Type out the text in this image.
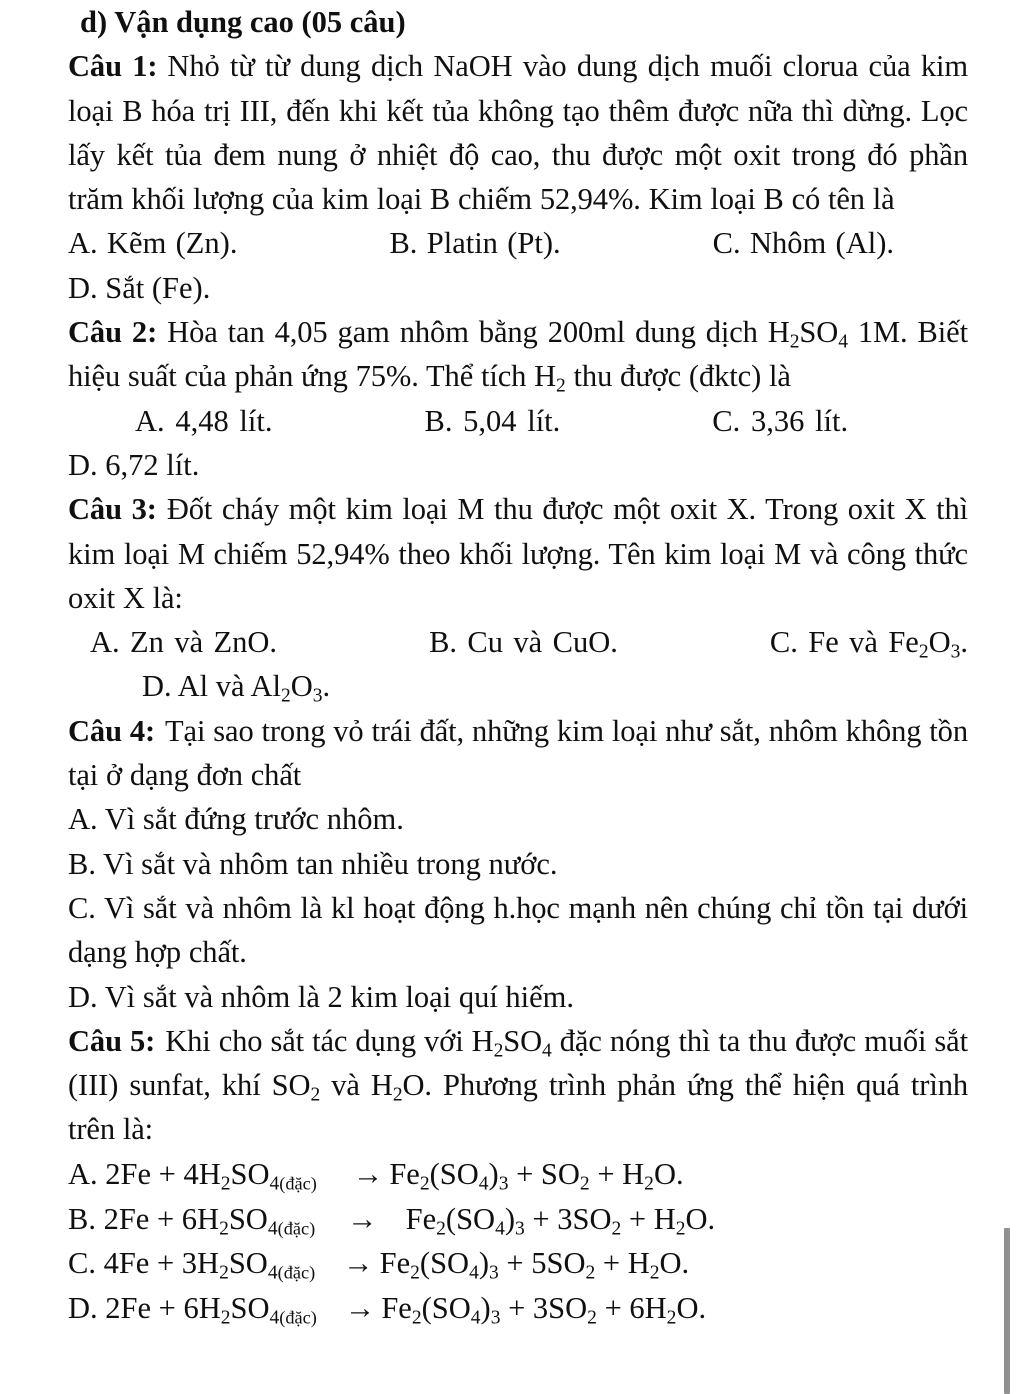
d) Vận dụng cao (05 câu)

Câu 1: Nhỏ từ từ dung dịch NaOH vào dung dịch muối clorua của kim loại B hóa trị III, đến khi kết tủa không tạo thêm được nữa thì dừng. Lọc lấy kết tủa đem nung ở nhiệt độ cao, thu được một oxit trong đó phần trăm khối lượng của kim loại B chiếm 52,94%. Kim loại B có tên là

A. Kẽm (Zn).	B. Platin (Pt).	C. Nhôm (Al).D. Sắt (Fe).

Câu 2: Hòa tan 4,05 gam nhôm bằng 200ml dung dịch $H_2SO_4$ 1M. Biết hiệu suất của phản ứng 75%. Thể tích $H_2$ thu được (đktc) là

A. 4,48 lít.	B. 5,04 lít.	C. 3,36 lít.D. 6,72 lít.

Câu 3: Đốt cháy một kim loại M thu được một oxit X. Trong oxit X thì kim loại M chiếm 52,94% theo khối lượng. Tên kim loại M và công thức oxit X là:

A. Zn và ZnO.	B. Cu và CuO.	C. Fe và $Fe_2O_3.D$. Al và $Al_2O_3$.

Câu 4: Tại sao trong vỏ trái đất, những kim loại như sắt, nhôm không tồn tại ở dạng đơn chất

A. Vì sắt đứng trước nhôm.

B. Vì sắt và nhôm tan nhiều trong nước.

C. Vì sắt và nhôm là kl hoạt động h.học mạnh nên chúng chỉ tồn tại dưới dạng hợp chất.

D. Vì sắt và nhôm là 2 kim loại quí hiếm.

Câu 5: Khi cho sắt tác dụng với $H_2SO_4$ đặc nóng thì ta thu được muối sắt (III) sunfat, khí $SO_2$ và $H_2O$. Phương trình phản ứng thể hiện quá trình trên là:

A. $2Fe + 4H_2SO_4(đặc) \to Fe_2(SO_4)_3 + SO_2 + H_2O$.

B. $2Fe + 6H_2SO_4(đặc) \to Fe_2(SO_4)_3 + 3SO_2 + H_2O$.

C. $4Fe + 3H_2SO_4(đặc) \to Fe_2(SO_4)_3 + 5SO_2 + H_2O$.

D. $2Fe + 6H_2SO_4(đặc) \to Fe_2(SO_4)_3 + 3SO_2 + 6H_2O$.
